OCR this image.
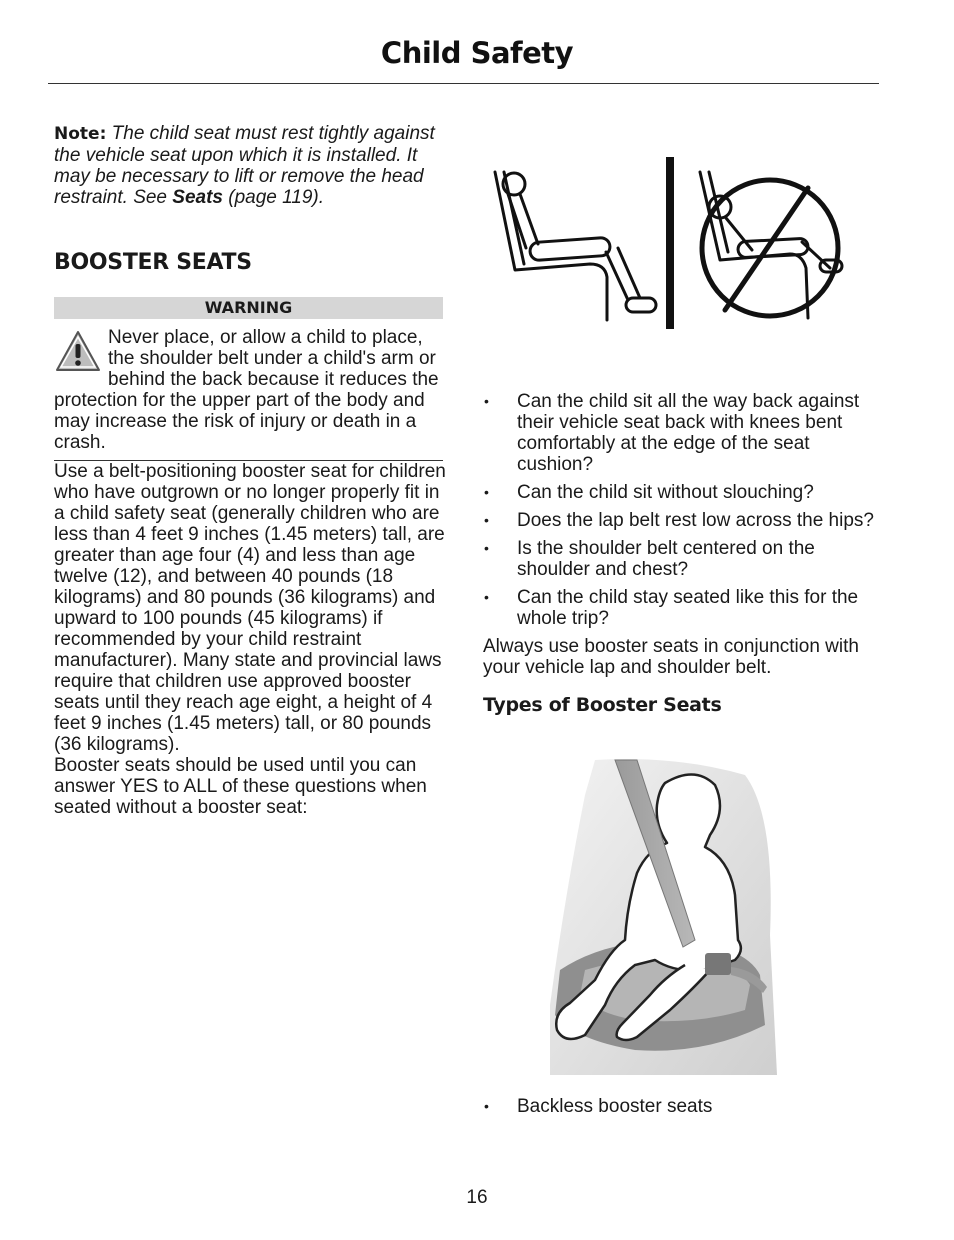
Child Safety

Note: The child seat must rest tightly against the vehicle seat upon which it is installed. It may be necessary to lift or remove the head restraint. See Seats (page 119).

BOOSTER SEATS
WARNING
Never place, or allow a child to place, the shoulder belt under a child's arm or behind the back because it reduces the protection for the upper part of the body and may increase the risk of injury or death in a crash.

Use a belt-positioning booster seat for children who have outgrown or no longer properly fit in a child safety seat (generally children who are less than 4 feet 9 inches (1.45 meters) tall, are greater than age four (4) and less than age twelve (12), and between 40 pounds (18 kilograms) and 80 pounds (36 kilograms) and upward to 100 pounds (45 kilograms) if recommended by your child restraint manufacturer). Many state and provincial laws require that children use approved booster seats until they reach age eight, a height of 4 feet 9 inches (1.45 meters) tall, or 80 pounds (36 kilograms).

Booster seats should be used until you can answer YES to ALL of these questions when seated without a booster seat:

• Can the child sit all the way back against their vehicle seat back with knees bent comfortably at the edge of the seat cushion?
• Can the child sit without slouching?
• Does the lap belt rest low across the hips?
• Is the shoulder belt centered on the shoulder and chest?
• Can the child stay seated like this for the whole trip?

Always use booster seats in conjunction with your vehicle lap and shoulder belt.

Types of Booster Seats
• Backless booster seats
16
